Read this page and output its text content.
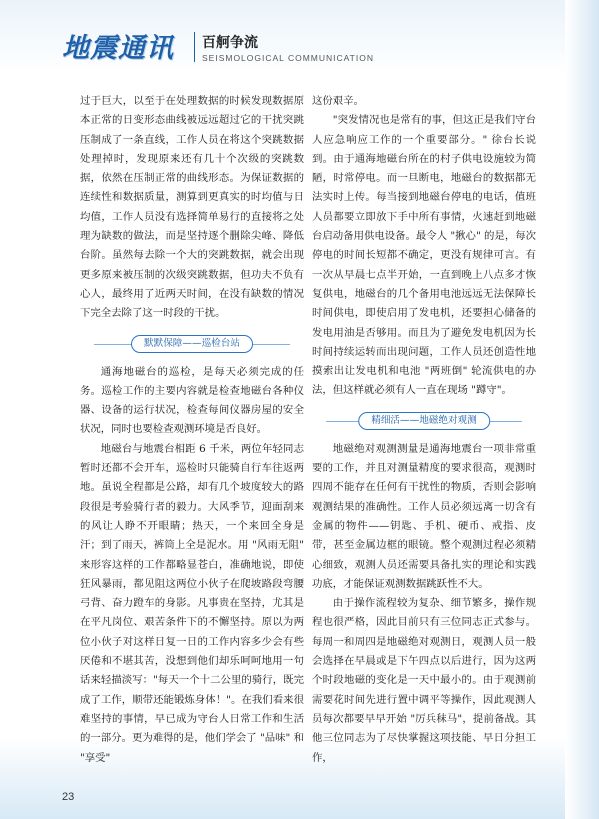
地震通讯 百舸争流
SEISMOLOGICAL COMMUNICATION

过于巨大，以至于在处理数据的时候发现数据原本正常的日变形态曲线被远远超过它的干扰突跳压制成了一条直线，工作人员在将这个突跳数据处理掉时，发现原来还有几十个次级的突跳数据，依然在压制正常的曲线形态。为保证数据的连续性和数据质量，测算到更真实的时均值与日均值，工作人员没有选择简单易行的直接将之处理为缺数的做法，而是坚持逐个删除尖峰、降低台阶。虽然每去除一个大的突跳数据，就会出现更多原来被压制的次级突跳数据，但功夫不负有心人，最终用了近两天时间，在没有缺数的情况下完全去除了这一时段的干扰。

默默保障——巡检台站

通海地磁台的巡检，是每天必须完成的任务。巡检工作的主要内容就是检查地磁台各种仪器、设备的运行状况，检查每间仪器房屋的安全状况，同时也要检查观测环境是否良好。

地磁台与地震台相距 6 千米，两位年轻同志暂时还都不会开车，巡检时只能骑自行车往返两地。虽说全程都是公路，却有几个坡度较大的路段很是考验骑行者的毅力。大风季节，迎面刮来的风让人睁不开眼睛；热天，一个来回全身是汗；到了雨天，裤筒上全是泥水。用 "风雨无阻" 来形容这样的工作都略显苍白，准确地说，即使狂风暴雨，都见阻这两位小伙子在爬坡路段弯腰弓背、奋力蹬车的身影。凡事贵在坚持，尤其是在平凡岗位、艰苦条件下的不懈坚持。原以为两位小伙子对这样日复一日的工作内容多少会有些厌倦和不堪其苦，没想到他们却乐呵呵地用一句话来轻描淡写："每天一个十二公里的骑行，既完成了工作，顺带还能锻炼身体！"。在我们看来很难坚持的事情，早已成为守台人日常工作和生活的一部分。更为难得的是，他们学会了 "品味" 和 "享受"

这份艰辛。

"突发情况也是常有的事，但这正是我们守台人应急响应工作的一个重要部分。" 徐台长说到。由于通海地磁台所在的村子供电设施较为简陋，时常停电。而一旦断电，地磁台的数据都无法实时上传。每当接到地磁台停电的电话，值班人员都要立即放下手中所有事情，火速赶到地磁台启动备用供电设备。最令人 "揪心" 的是，每次停电的时间长短都不确定，更没有规律可言。有一次从早晨七点半开始，一直到晚上八点多才恢复供电，地磁台的几个备用电池远远无法保障长时间供电，即使启用了发电机，还要担心储备的发电用油是否够用。而且为了避免发电机因为长时间持续运转而出现问题，工作人员还创造性地摸索出让发电机和电池 "两班倒" 轮流供电的办法，但这样就必须有人一直在现场 "蹲守"。

精细活——地磁绝对观测

地磁绝对观测测量是通海地震台一项非常重要的工作，并且对测量精度的要求很高，观测时四周不能存在任何有干扰性的物质，否则会影响观测结果的准确性。工作人员必须远离一切含有金属的物件——钥匙、手机、硬币、戒指、皮带，甚至金属边框的眼镜。整个观测过程必须精心细致，观测人员还需要具备扎实的理论和实践功底，才能保证观测数据跳跃性不大。

由于操作流程较为复杂、细节繁多，操作规程也很严格，因此目前只有三位同志正式参与。每周一和周四是地磁绝对观测日，观测人员一般会选择在早晨或是下午四点以后进行，因为这两个时段地磁的变化是一天中最小的。由于观测前需要花时间先进行置中调平等操作，因此观测人员每次都要早早开始 "厉兵秣马"，提前备战。其他三位同志为了尽快掌握这项技能、早日分担工作，

23
